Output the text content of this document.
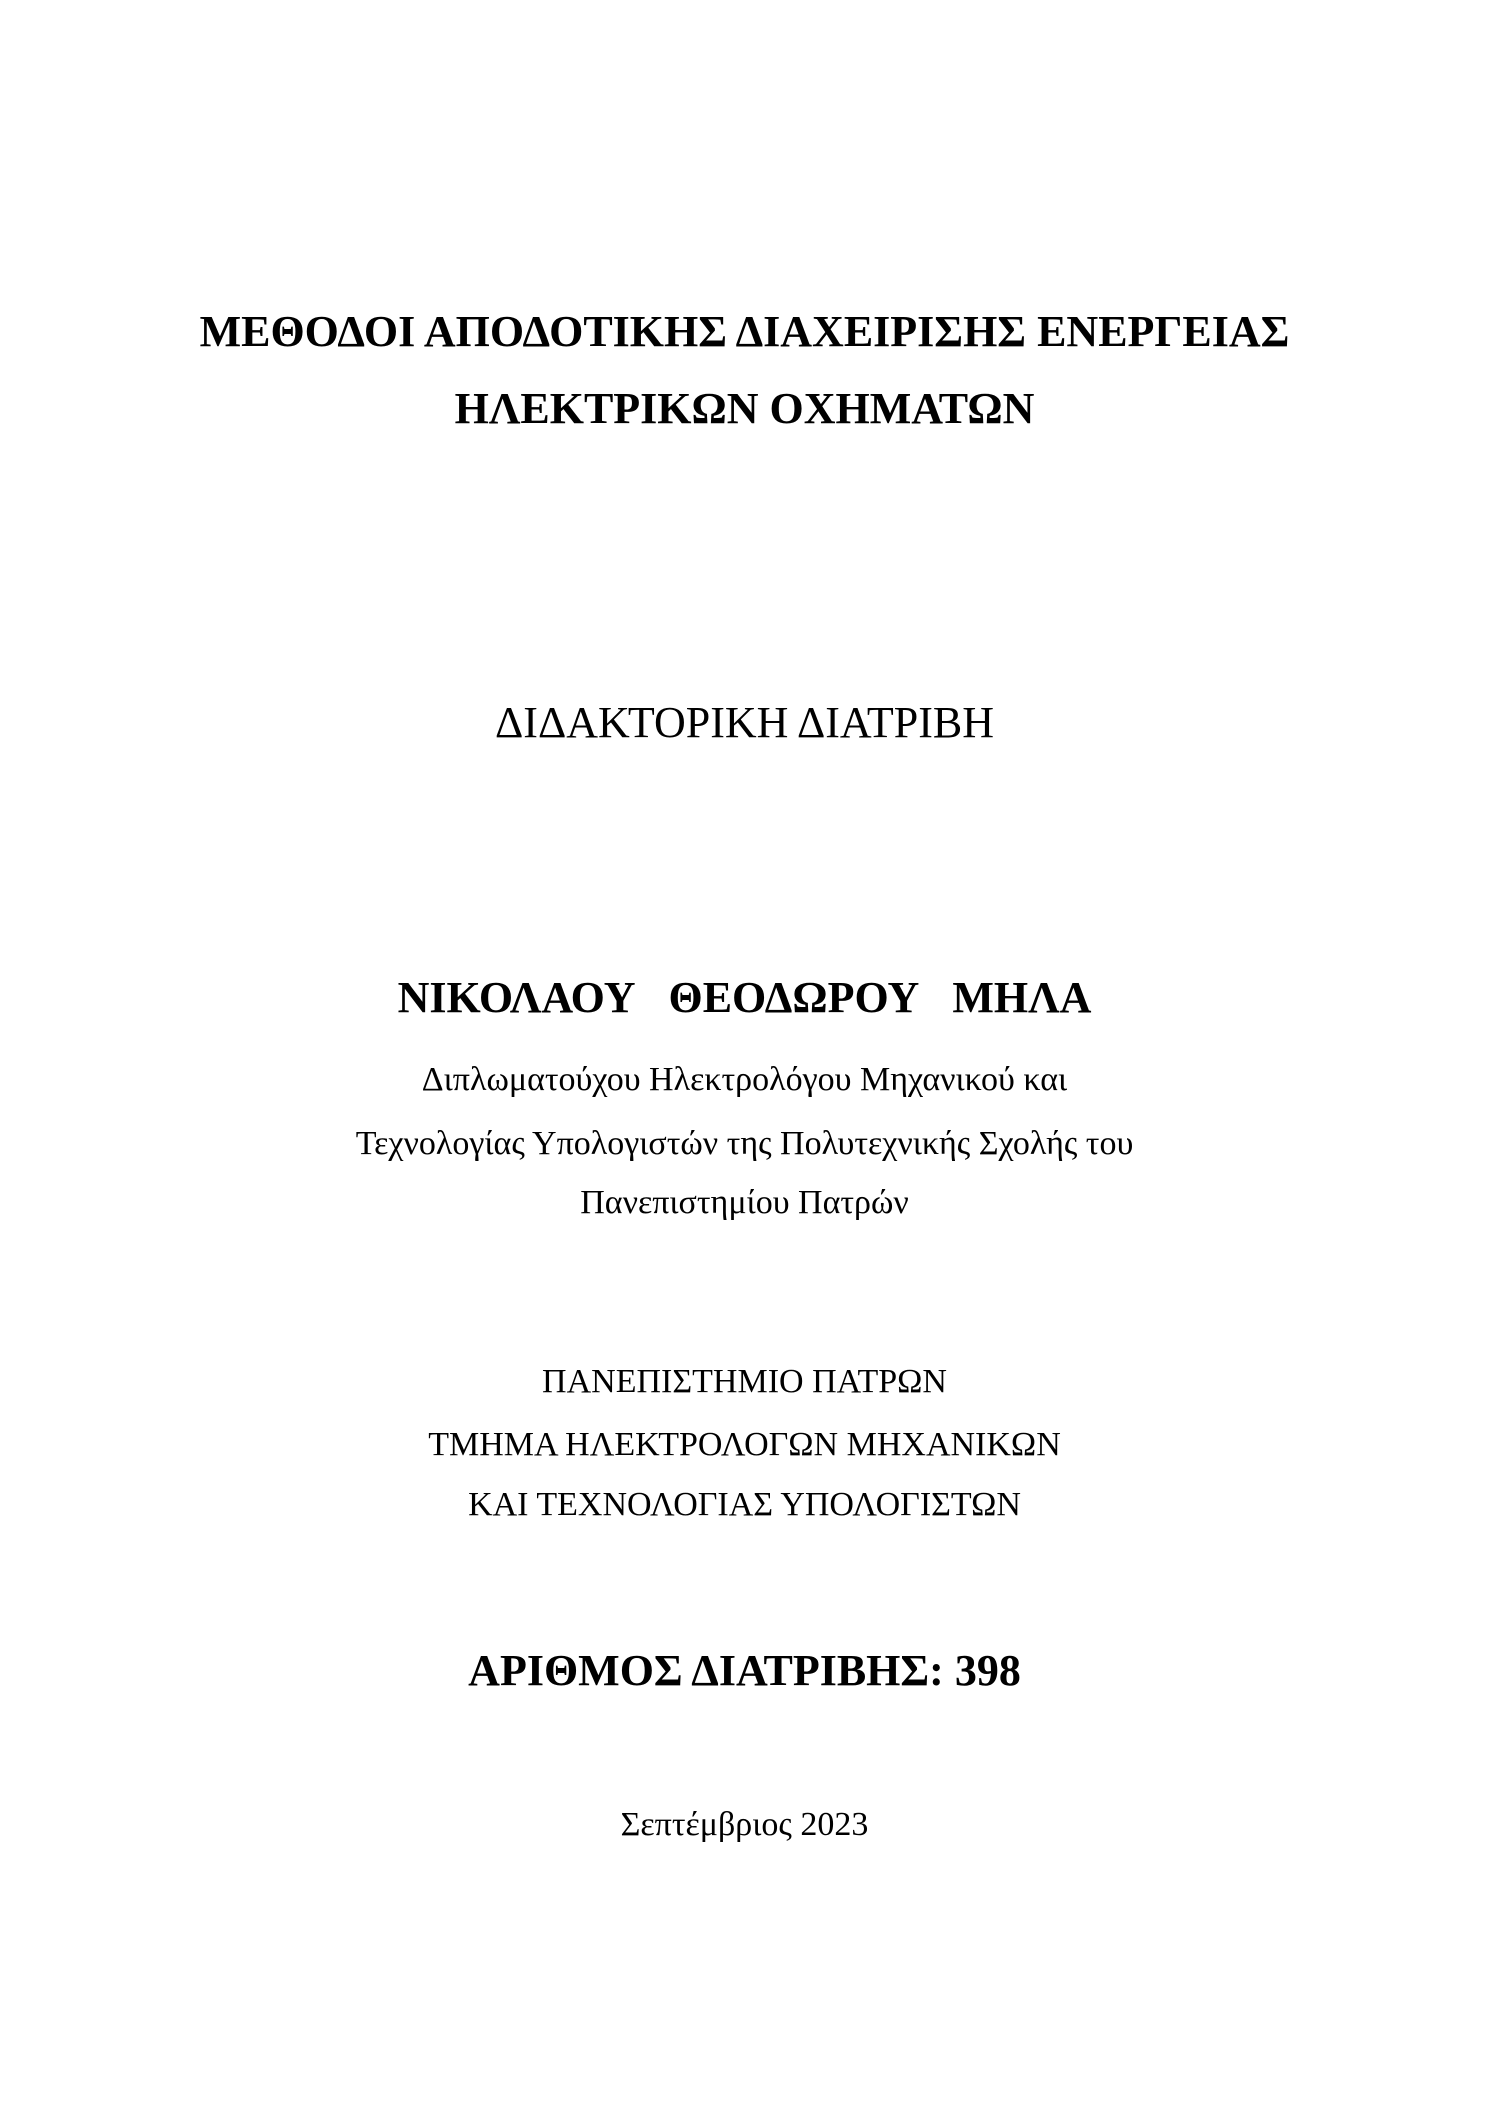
ΜΕΘΟΔΟΙ ΑΠΟΔΟΤΙΚΗΣ ΔΙΑΧΕΙΡΙΣΗΣ ΕΝΕΡΓΕΙΑΣ
ΗΛΕΚΤΡΙΚΩΝ ΟΧΗΜΑΤΩΝ
ΔΙΔΑΚΤΟΡΙΚΗ ΔΙΑΤΡΙΒΗ
ΝΙΚΟΛΑΟΥ   ΘΕΟΔΩΡΟΥ   ΜΗΛΑ
Διπλωματούχου Ηλεκτρολόγου Μηχανικού και
Τεχνολογίας Υπολογιστών της Πολυτεχνικής Σχολής του
Πανεπιστημίου Πατρών
ΠΑΝΕΠΙΣΤΗΜΙΟ ΠΑΤΡΩΝ
ΤΜΗΜΑ ΗΛΕΚΤΡΟΛΟΓΩΝ ΜΗΧΑΝΙΚΩΝ
ΚΑΙ ΤΕΧΝΟΛΟΓΙΑΣ ΥΠΟΛΟΓΙΣΤΩΝ
ΑΡΙΘΜΟΣ ΔΙΑΤΡΙΒΗΣ: 398
Σεπτέμβριος 2023
